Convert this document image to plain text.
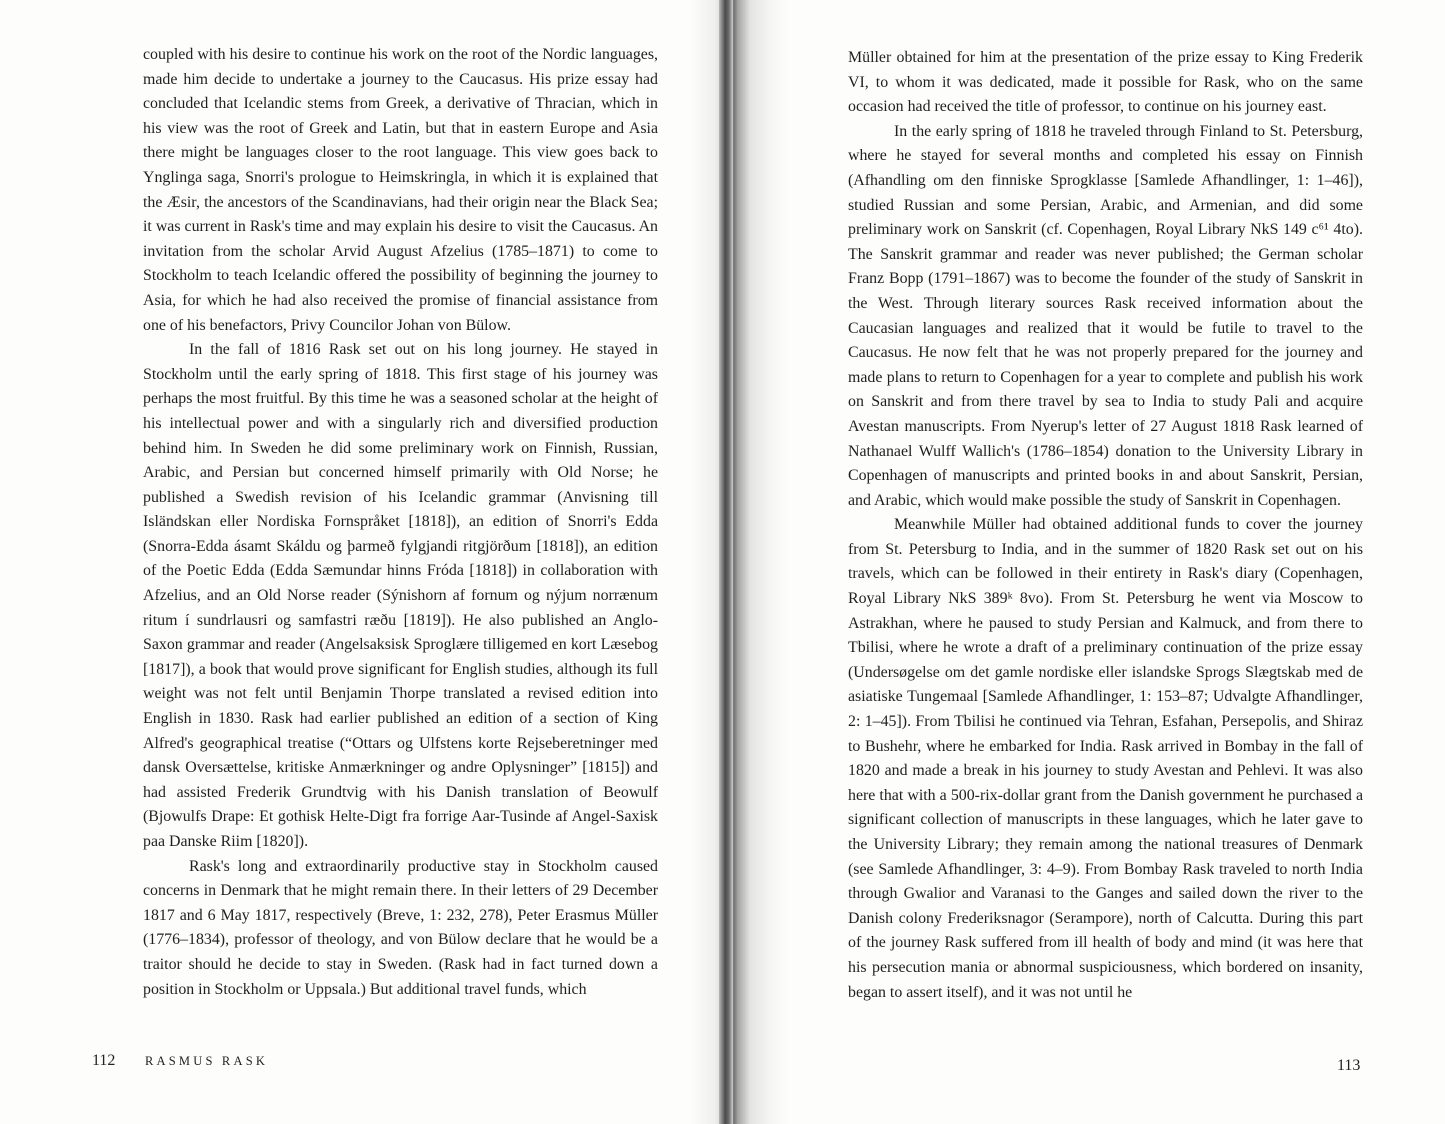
coupled with his desire to continue his work on the root of the Nordic languages, made him decide to undertake a journey to the Caucasus. His prize essay had concluded that Icelandic stems from Greek, a derivative of Thracian, which in his view was the root of Greek and Latin, but that in eastern Europe and Asia there might be languages closer to the root language. This view goes back to Ynglinga saga, Snorri's prologue to Heimskringla, in which it is explained that the Æsir, the ancestors of the Scandinavians, had their origin near the Black Sea; it was current in Rask's time and may explain his desire to visit the Caucasus. An invitation from the scholar Arvid August Afzelius (1785–1871) to come to Stockholm to teach Icelandic offered the possibility of beginning the journey to Asia, for which he had also received the promise of financial assistance from one of his benefactors, Privy Councilor Johan von Bülow.

In the fall of 1816 Rask set out on his long journey. He stayed in Stockholm until the early spring of 1818. This first stage of his journey was perhaps the most fruitful. By this time he was a seasoned scholar at the height of his intellectual power and with a singularly rich and diversified production behind him. In Sweden he did some preliminary work on Finnish, Russian, Arabic, and Persian but concerned himself primarily with Old Norse; he published a Swedish revision of his Icelandic grammar (Anvisning till Isländskan eller Nordiska Fornspråket [1818]), an edition of Snorri's Edda (Snorra-Edda ásamt Skáldu og þarmeð fylgjandi ritgjörðum [1818]), an edition of the Poetic Edda (Edda Sæmundar hinns Fróda [1818]) in collaboration with Afzelius, and an Old Norse reader (Sýnishorn af fornum og nýjum norrænum ritum í sundrlausri og samfastri ræðu [1819]). He also published an Anglo-Saxon grammar and reader (Angelsaksisk Sproglære tilligemed en kort Læsebog [1817]), a book that would prove significant for English studies, although its full weight was not felt until Benjamin Thorpe translated a revised edition into English in 1830. Rask had earlier published an edition of a section of King Alfred's geographical treatise (“Ottars og Ulfstens korte Rejseberetninger med dansk Oversættelse, kritiske Anmærkninger og andre Oplysninger” [1815]) and had assisted Frederik Grundtvig with his Danish translation of Beowulf (Bjowulfs Drape: Et gothisk Helte-Digt fra forrige Aar-Tusinde af Angel-Saxisk paa Danske Riim [1820]).

Rask's long and extraordinarily productive stay in Stockholm caused concerns in Denmark that he might remain there. In their letters of 29 December 1817 and 6 May 1817, respectively (Breve, 1: 232, 278), Peter Erasmus Müller (1776–1834), professor of theology, and von Bülow declare that he would be a traitor should he decide to stay in Sweden. (Rask had in fact turned down a position in Stockholm or Uppsala.) But additional travel funds, which

112 RASMUS RASK

Müller obtained for him at the presentation of the prize essay to King Frederik VI, to whom it was dedicated, made it possible for Rask, who on the same occasion had received the title of professor, to continue on his journey east.

In the early spring of 1818 he traveled through Finland to St. Petersburg, where he stayed for several months and completed his essay on Finnish (Afhandling om den finniske Sprogklasse [Samlede Afhandlinger, 1: 1–46]), studied Russian and some Persian, Arabic, and Armenian, and did some preliminary work on Sanskrit (cf. Copenhagen, Royal Library NkS 149 c⁶¹ 4to). The Sanskrit grammar and reader was never published; the German scholar Franz Bopp (1791–1867) was to become the founder of the study of Sanskrit in the West. Through literary sources Rask received information about the Caucasian languages and realized that it would be futile to travel to the Caucasus. He now felt that he was not properly prepared for the journey and made plans to return to Copenhagen for a year to complete and publish his work on Sanskrit and from there travel by sea to India to study Pali and acquire Avestan manuscripts. From Nyerup's letter of 27 August 1818 Rask learned of Nathanael Wulff Wallich's (1786–1854) donation to the University Library in Copenhagen of manuscripts and printed books in and about Sanskrit, Persian, and Arabic, which would make possible the study of Sanskrit in Copenhagen.

Meanwhile Müller had obtained additional funds to cover the journey from St. Petersburg to India, and in the summer of 1820 Rask set out on his travels, which can be followed in their entirety in Rask's diary (Copenhagen, Royal Library NkS 389ᵏ 8vo). From St. Petersburg he went via Moscow to Astrakhan, where he paused to study Persian and Kalmuck, and from there to Tbilisi, where he wrote a draft of a preliminary continuation of the prize essay (Undersøgelse om det gamle nordiske eller islandske Sprogs Slægtskab med de asiatiske Tungemaal [Samlede Afhandlinger, 1: 153–87; Udvalgte Afhandlinger, 2: 1–45]). From Tbilisi he continued via Tehran, Esfahan, Persepolis, and Shiraz to Bushehr, where he embarked for India. Rask arrived in Bombay in the fall of 1820 and made a break in his journey to study Avestan and Pehlevi. It was also here that with a 500-rix-dollar grant from the Danish government he purchased a significant collection of manuscripts in these languages, which he later gave to the University Library; they remain among the national treasures of Denmark (see Samlede Afhandlinger, 3: 4–9). From Bombay Rask traveled to north India through Gwalior and Varanasi to the Ganges and sailed down the river to the Danish colony Frederiksnagor (Serampore), north of Calcutta. During this part of the journey Rask suffered from ill health of body and mind (it was here that his persecution mania or abnormal suspiciousness, which bordered on insanity, began to assert itself), and it was not until he

113
